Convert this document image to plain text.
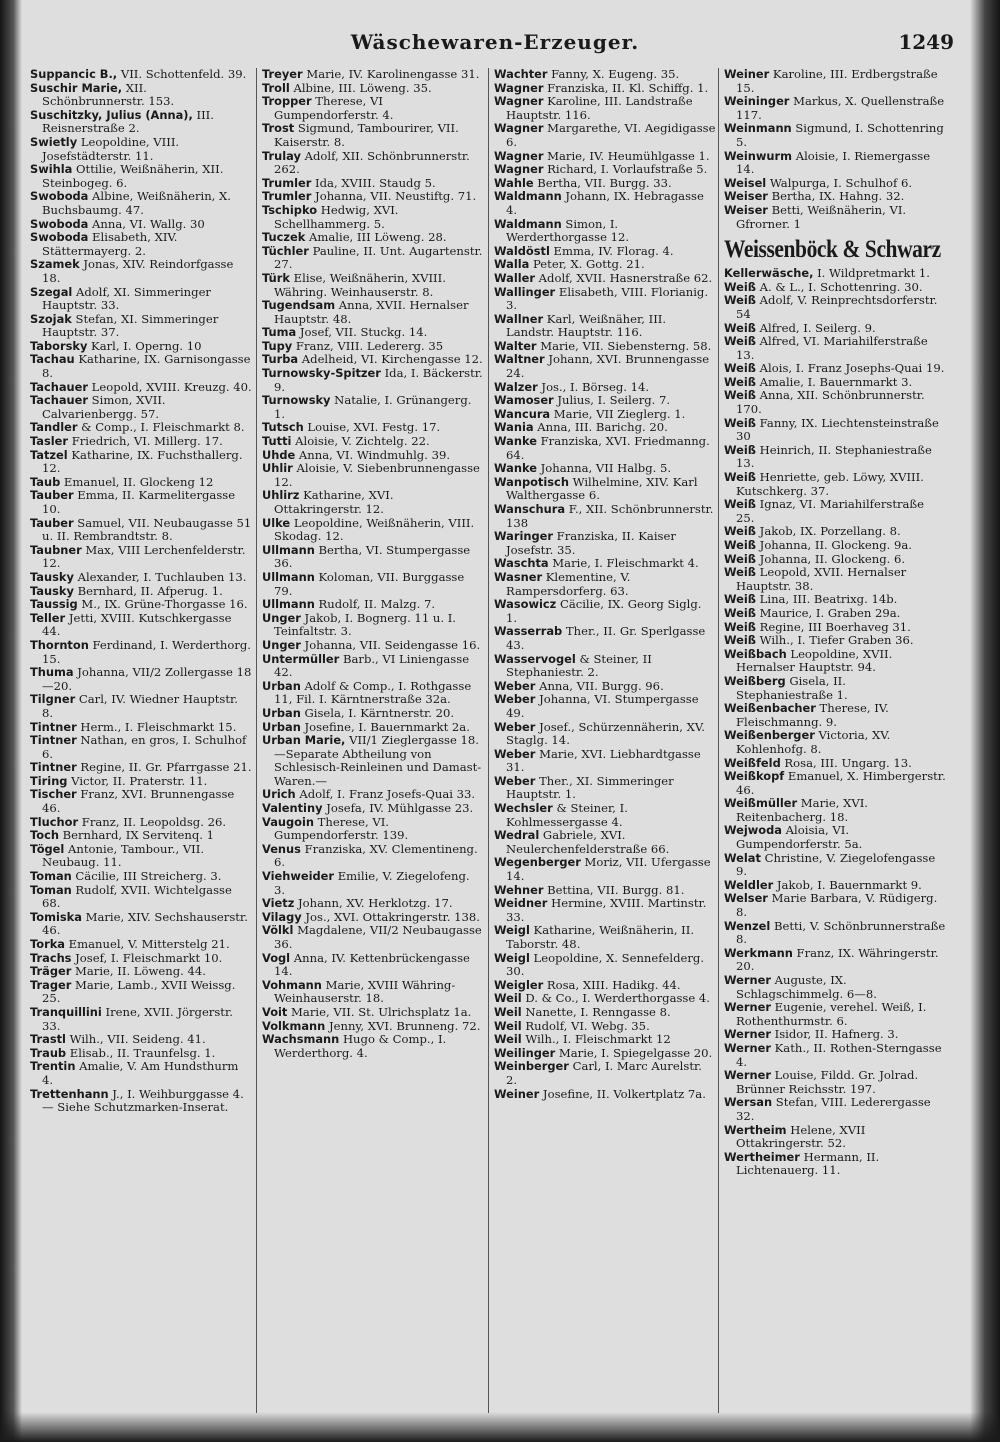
Wäschewaren-Erzeuger.	1249
Suppancic B., VII. Schottenfeld. 39.
Suschir Marie, XII. Schönbrunnerstr. 153.
Suschitzky, Julius (Anna), III. Reisnerstraße 2.
Swietly Leopoldine, VIII. Josefstädterstr. 11.
Swihla Ottilie, Weißnäherin, XII. Steinbogeg. 6.
Swoboda Albine, Weißnäherin, X. Buchsbaumg. 47.
Swoboda Anna, VI. Wallg. 30
Swoboda Elisabeth, XIV. Stättermayerg. 2.
Szamek Jonas, XIV. Reindorfgasse 18.
Szegal Adolf, XI. Simmeringer Hauptstr. 33.
Szojak Stefan, XI. Simmeringer Hauptstr. 37.
Taborsky Karl, I. Operng. 10
Tachau Katharine, IX. Garnisongasse 8.
Tachauer Leopold, XVIII. Kreuzg. 40.
Tachauer Simon, XVII. Calvarienbergg. 57.
Tandler & Comp., I. Fleischmarkt 8.
Tasler Friedrich, VI. Millerg. 17.
Tatzel Katharine, IX. Fuchsthallerg. 12.
Taub Emanuel, II. Glockeng 12
Tauber Emma, II. Karmelitergasse 10.
Tauber Samuel, VII. Neubaugasse 51 u. II. Rembrandtstr. 8.
Taubner Max, VIII Lerchenfelderstr. 12.
Tausky Alexander, I. Tuchlauben 13.
Tausky Bernhard, II. Afperug. 1.
Taussig M., IX. Grüne-Thorgasse 16.
Teller Jetti, XVIII. Kutschkergasse 44.
Thornton Ferdinand, I. Werderthorg. 15.
Thuma Johanna, VII/2 Zollergasse 18—20.
Tilgner Carl, IV. Wiedner Hauptstr. 8.
Tintner Herm., I. Fleischmarkt 15.
Tintner Nathan, en gros, I. Schulhof 6.
Tintner Regine, II. Gr. Pfarrgasse 21.
Tiring Victor, II. Praterstr. 11.
Tischer Franz, XVI. Brunnengasse 46.
Tluchor Franz, II. Leopoldsg. 26.
Toch Bernhard, IX Servitenq. 1
Tögel Antonie, Tambour., VII. Neubaug. 11.
Toman Cäcilie, III Streicherg. 3.
Toman Rudolf, XVII. Wichtelgasse 68.
Tomiska Marie, XIV. Sechshauserstr. 46.
Torka Emanuel, V. Mitterstelg 21.
Trachs Josef, I. Fleischmarkt 10.
Träger Marie, II. Löweng. 44.
Trager Marie, Lamb., XVII Weissg. 25.
Tranquillini Irene, XVII. Jörgerstr. 33.
Trastl Wilh., VII. Seideng. 41.
Traub Elisab., II. Traunfelsg. 1.
Trentin Amalie, V. Am Hundsthurm 4.
Trettenhann J., I. Weihburggasse 4. — Siehe Schutzmarken-Inserat.
Treyer Marie, IV. Karolinengasse 31.
Troll Albine, III. Löweng. 35.
Tropper Therese, VI Gumpendorferstr. 4.
Trost Sigmund, Tambourirer, VII. Kaiserstr. 8.
Trulay Adolf, XII. Schönbrunnerstr. 262.
Trumler Ida, XVIII. Staudg 5.
Trumler Johanna, VII. Neustiftg. 71.
Tschipko Hedwig, XVI. Schellhammerg. 5.
Tuczek Amalie, III Löweng. 28.
Tüchler Pauline, II. Unt. Augartenstr. 27.
Türk Elise, Weißnäherin, XVIII. Währing. Weinhauserstr. 8.
Tugendsam Anna, XVII. Hernalser Hauptstr. 48.
Tuma Josef, VII. Stuckg. 14.
Tupy Franz, VIII. Ledererg. 35
Turba Adelheid, VI. Kirchengasse 12.
Turnowsky-Spitzer Ida, I. Bäckerstr. 9.
Turnowsky Natalie, I. Grünangerg. 1.
Tutsch Louise, XVI. Festg. 17.
Tutti Aloisie, V. Zichtelg. 22.
Uhde Anna, VI. Windmuhlg. 39.
Uhlir Aloisie, V. Siebenbrunnengasse 12.
Uhlirz Katharine, XVI. Ottakringerstr. 12.
Ulke Leopoldine, Weißnäherin, VIII. Skodag. 12.
Ullmann Bertha, VI. Stumpergasse 36.
Ullmann Koloman, VII. Burggasse 79.
Ullmann Rudolf, II. Malzg. 7.
Unger Jakob, I. Bognerg. 11 u. I. Teinfaltstr. 3.
Unger Johanna, VII. Seidengasse 16.
Untermüller Barb., VI Liniengasse 42.
Urban Adolf & Comp., I. Rothgasse 11, Fil. I. Kärntnerstraße 32a.
Urban Gisela, I. Kärntnerstr. 20.
Urban Josefine, I. Bauernmarkt 2a.
Urban Marie, VII/1 Zieglergasse 18. —Separate Abtheilung von Schlesisch-Reinleinen und Damast-Waren.—
Urich Adolf, I. Franz Josefs-Quai 33.
Valentiny Josefa, IV. Mühlgasse 23.
Vaugoin Therese, VI. Gumpendorferstr. 139.
Venus Franziska, XV. Clementineng. 6.
Viehweider Emilie, V. Ziegelofeng. 3.
Vietz Johann, XV. Herklotzg. 17.
Vilagy Jos., XVI. Ottakringerstr. 138.
Völkl Magdalene, VII/2 Neubaugasse 36.
Vogl Anna, IV. Kettenbrückengasse 14.
Vohmann Marie, XVIII Währing-Weinhauserstr. 18.
Voit Marie, VII. St. Ulrichsplatz 1a.
Volkmann Jenny, XVI. Brunneng. 72.
Wachsmann Hugo & Comp., I. Werderthorg. 4.
Wachter Fanny, X. Eugeng. 35.
Wagner Franziska, II. Kl. Schiffg. 1.
Wagner Karoline, III. Landstraße Hauptstr. 116.
Wagner Margarethe, VI. Aegidigasse 6.
Wagner Marie, IV. Heumühlgasse 1.
Wagner Richard, I. Vorlaufstraße 5.
Wahle Bertha, VII. Burgg. 33.
Waldmann Johann, IX. Hebragasse 4.
Waldmann Simon, I. Werderthorgasse 12.
Waldöstl Emma, IV. Florag. 4.
Walla Peter, X. Gottg. 21.
Waller Adolf, XVII. Hasnerstraße 62.
Wallinger Elisabeth, VIII. Florianig. 3.
Wallner Karl, Weißnäher, III. Landstr. Hauptstr. 116.
Walter Marie, VII. Siebensterng. 58.
Waltner Johann, XVI. Brunnengasse 24.
Walzer Jos., I. Börseg. 14.
Wamoser Julius, I. Seilerg. 7.
Wancura Marie, VII Zieglerg. 1.
Wania Anna, III. Barichg. 20.
Wanke Franziska, XVI. Friedmanng. 64.
Wanke Johanna, VII Halbg. 5.
Wanpotisch Wilhelmine, XIV. Karl Walthergasse 6.
Wanschura F., XII. Schönbrunnerstr. 138
Waringer Franziska, II. Kaiser Josefstr. 35.
Waschta Marie, I. Fleischmarkt 4.
Wasner Klementine, V. Rampersdorferg. 63.
Wasowicz Cäcilie, IX. Georg Siglg. 1.
Wasserrab Ther., II. Gr. Sperlgasse 43.
Wasservogel & Steiner, II Stephaniestr. 2.
Weber Anna, VII. Burgg. 96.
Weber Johanna, VI. Stumpergasse 49.
Weber Josef., Schürzennäherin, XV. Staglg. 14.
Weber Marie, XVI. Liebhardtgasse 31.
Weber Ther., XI. Simmeringer Hauptstr. 1.
Wechsler & Steiner, I. Kohlmessergasse 4.
Wedral Gabriele, XVI. Neulerchenfelderstraße 66.
Wegenberger Moriz, VII. Ufergasse 14.
Wehner Bettina, VII. Burgg. 81.
Weidner Hermine, XVIII. Martinstr. 33.
Weigl Katharine, Weißnäherin, II. Taborstr. 48.
Weigl Leopoldine, X. Sennefelderg. 30.
Weigler Rosa, XIII. Hadikg. 44.
Weil D. & Co., I. Werderthorgasse 4.
Weil Nanette, I. Renngasse 8.
Weil Rudolf, VI. Webg. 35.
Weil Wilh., I. Fleischmarkt 12
Weilinger Marie, I. Spiegelgasse 20.
Weinberger Carl, I. Marc Aurelstr. 2.
Weiner Josefine, II. Volkertplatz 7a.
Weiner Karoline, III. Erdbergstraße 15.
Weininger Markus, X. Quellenstraße 117.
Weinmann Sigmund, I. Schottenring 5.
Weinwurm Aloisie, I. Riemergasse 14.
Weisel Walpurga, I. Schulhof 6.
Weiser Bertha, IX. Hahng. 32.
Weiser Betti, Weißnäherin, VI. Gfrorner. 1
Weissenböck & Schwarz
Kellerwäsche, I. Wildpretmarkt 1.
Weiß A. & L., I. Schottenring. 30.
Weiß Adolf, V. Reinprechtsdorferstr. 54
Weiß Alfred, I. Seilerg. 9.
Weiß Alfred, VI. Mariahilferstraße 13.
Weiß Alois, I. Franz Josephs-Quai 19.
Weiß Amalie, I. Bauernmarkt 3.
Weiß Anna, XII. Schönbrunnerstr. 170.
Weiß Fanny, IX. Liechtensteinstraße 30
Weiß Heinrich, II. Stephaniestraße 13.
Weiß Henriette, geb. Löwy, XVIII. Kutschkerg. 37.
Weiß Ignaz, VI. Mariahilferstraße 25.
Weiß Jakob, IX. Porzellang. 8.
Weiß Johanna, II. Glockeng. 9a.
Weiß Johanna, II. Glockeng. 6.
Weiß Leopold, XVII. Hernalser Hauptstr. 38.
Weiß Lina, III. Beatrixg. 14b.
Weiß Maurice, I. Graben 29a.
Weiß Regine, III Boerhaveg 31.
Weiß Wilh., I. Tiefer Graben 36.
Weißbach Leopoldine, XVII. Hernalser Hauptstr. 94.
Weißberg Gisela, II. Stephaniestraße 1.
Weißenbacher Therese, IV. Fleischmanng. 9.
Weißenberger Victoria, XV. Kohlenhofg. 8.
Weißfeld Rosa, III. Ungarg. 13.
Weißkopf Emanuel, X. Himbergerstr. 46.
Weißmüller Marie, XVI. Reitenbacherg. 18.
Wejwoda Aloisia, VI. Gumpendorferstr. 5a.
Welat Christine, V. Ziegelofengasse 9.
Weldler Jakob, I. Bauernmarkt 9.
Welser Marie Barbara, V. Rüdigerg. 8.
Wenzel Betti, V. Schönbrunnerstraße 8.
Werkmann Franz, IX. Währingerstr. 20.
Werner Auguste, IX. Schlagschimmelg. 6—8.
Werner Eugenie, verehel. Weiß, I. Rothenthurmstr. 6.
Werner Isidor, II. Hafnerg. 3.
Werner Kath., II. Rothen-Sterngasse 4.
Werner Louise, Fildd. Gr. Jolrad. Brünner Reichsstr. 197.
Wersan Stefan, VIII. Lederergasse 32.
Wertheim Helene, XVII Ottakringerstr. 52.
Wertheimer Hermann, II. Lichtenauerg. 11.
